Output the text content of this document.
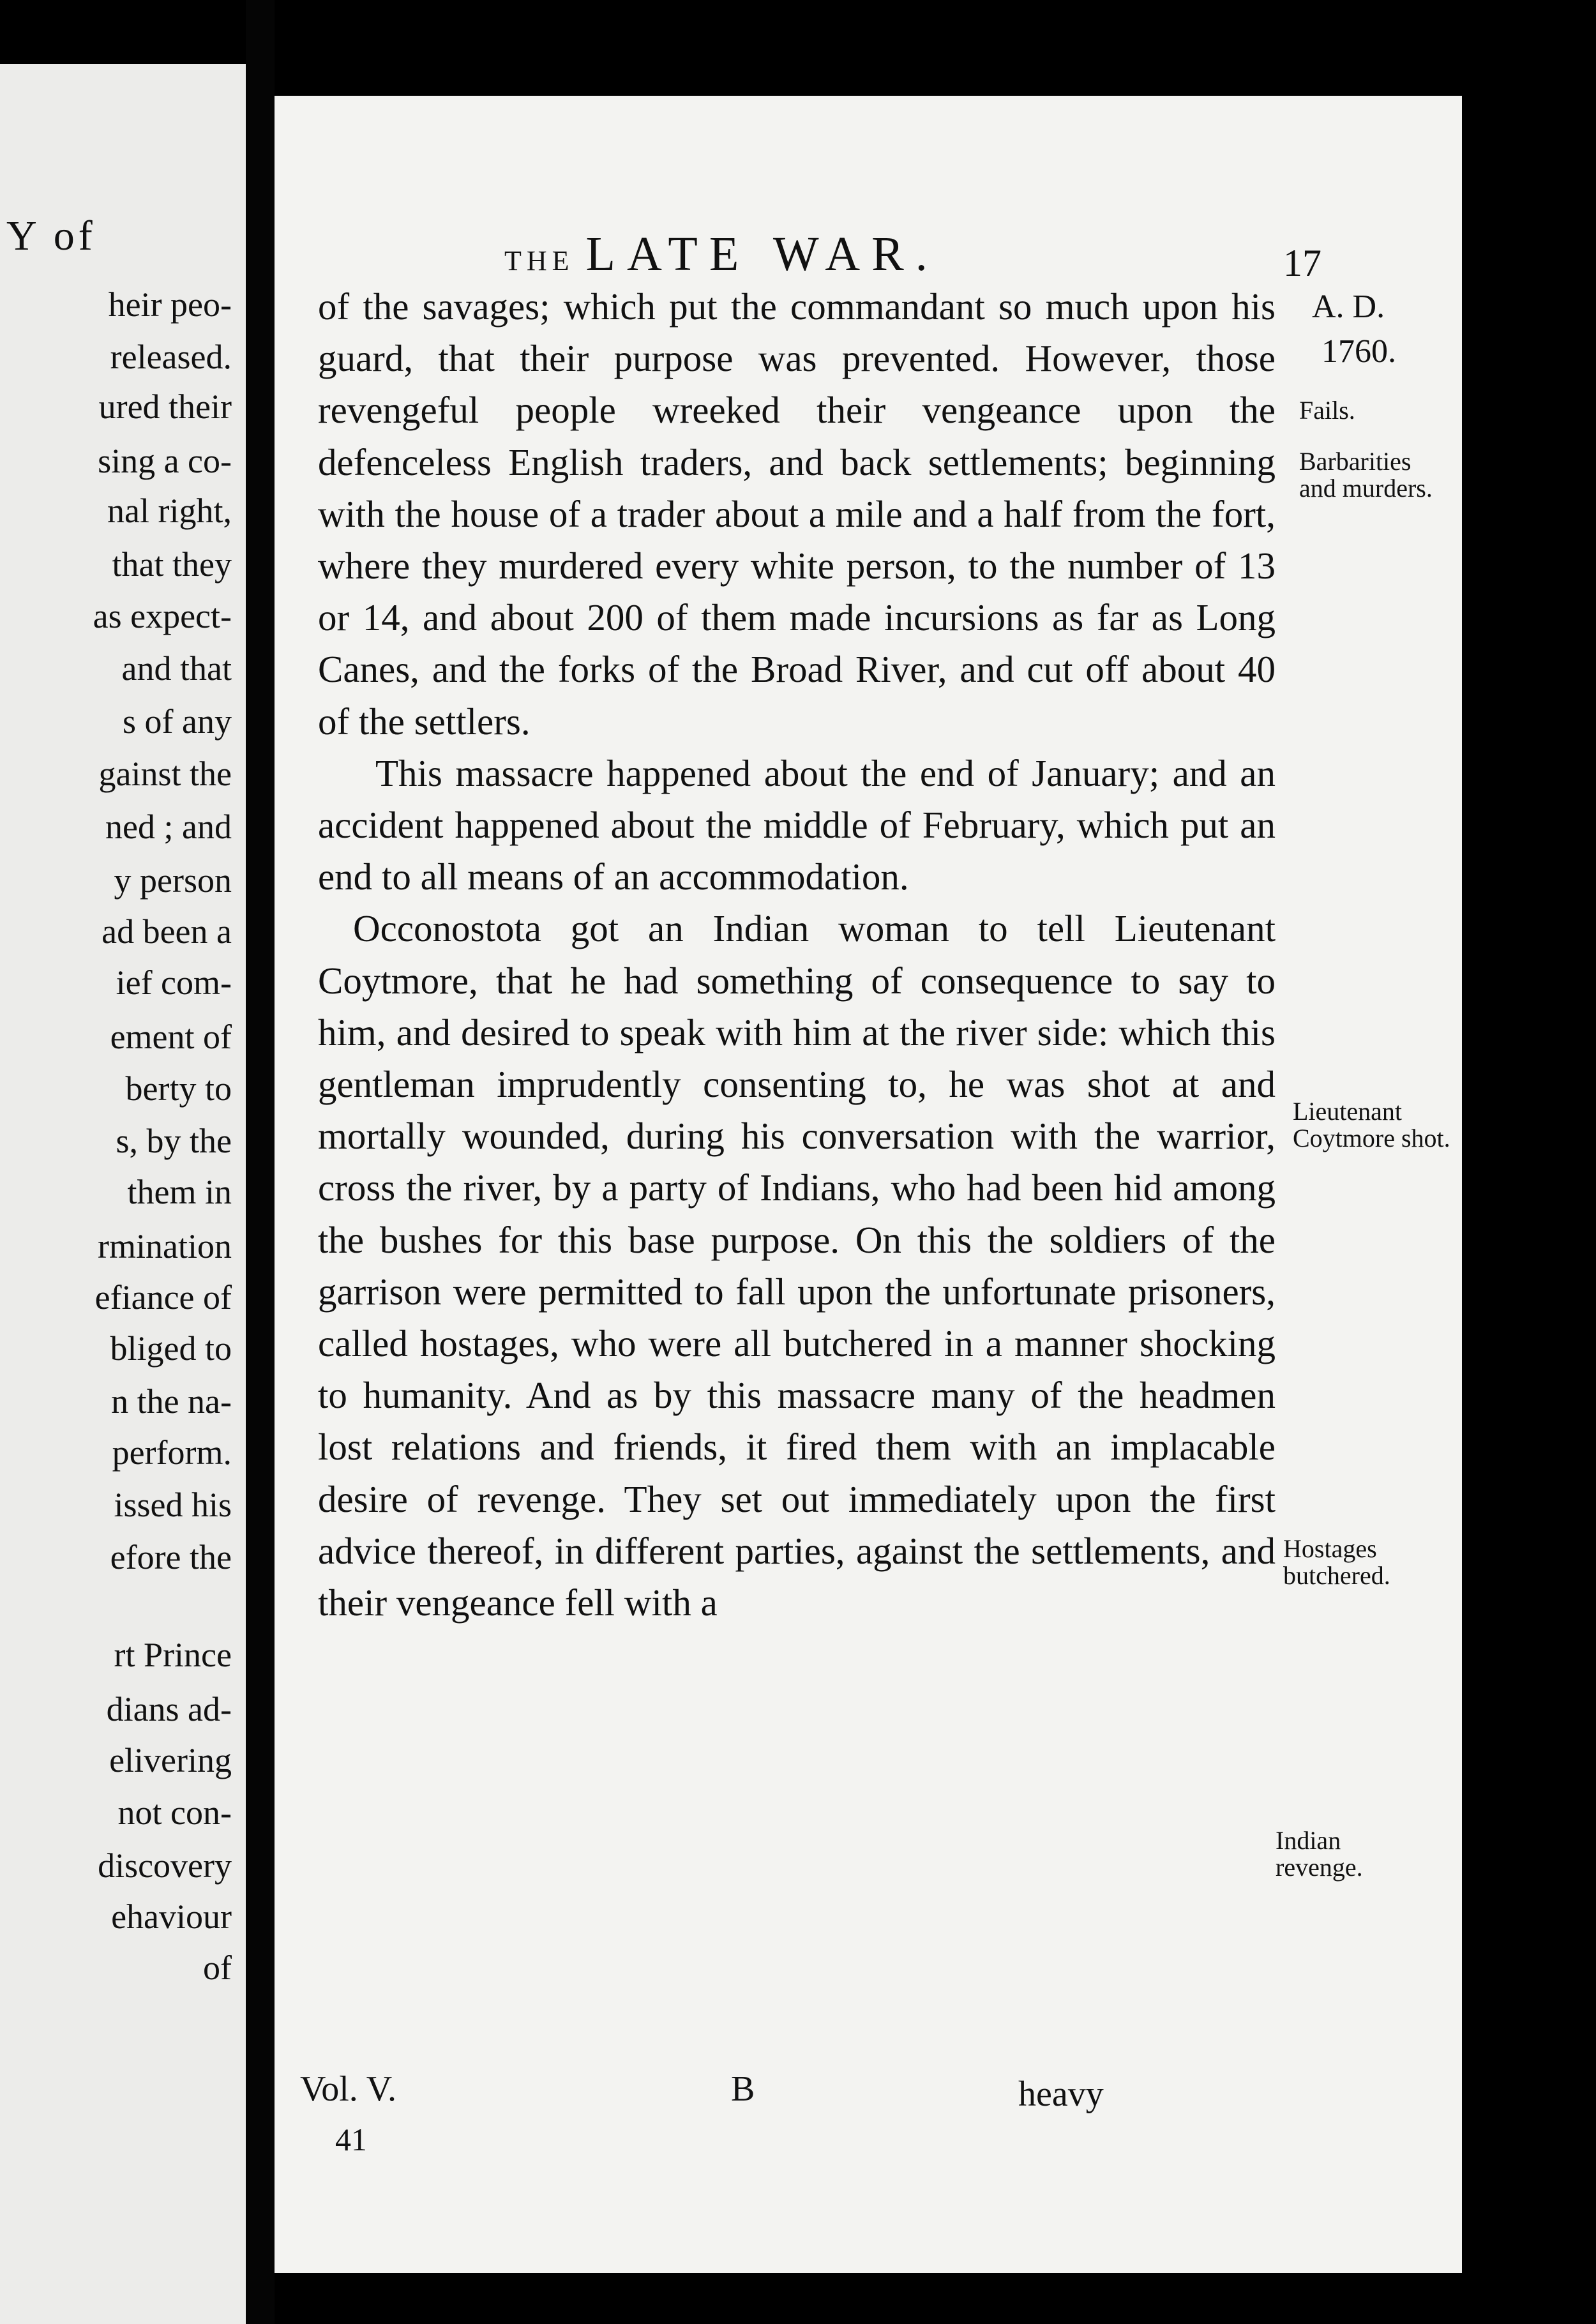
Y of
heir peo-
released.
ured their
sing a co-
nal right,
that they
as expect-
and that
s of any
gainst the
ned ; and
y person
ad been a
ief com-
ement of
berty to
s, by the
them in
rmination
efiance of
bliged to
n the na-
perform.
issed his
efore the
rt Prince
dians ad-
elivering
not con-
discovery
ehaviour
of
THE LATE WAR.	17

of the savages; which put the commandant so much upon his guard, that their purpose was prevented. However, those revengeful people wreeked their vengeance upon the defenceless English traders, and back settlements; beginning with the house of a trader about a mile and a half from the fort, where they murdered every white person, to the number of 13 or 14, and about 200 of them made incursions as far as Long Canes, and the forks of the Broad River, and cut off about 40 of the settlers.

This massacre happened about the end of January; and an accident happened about the middle of February, which put an end to all means of an accommodation.

Occonostota got an Indian woman to tell Lieutenant Coytmore, that he had something of consequence to say to him, and desired to speak with him at the river side: which this gentleman imprudently consenting to, he was shot at and mortally wounded, during his conversation with the warrior, cross the river, by a party of Indians, who had been hid among the bushes for this base purpose. On this the soldiers of the garrison were permitted to fall upon the unfortunate prisoners, called hostages, who were all butchered in a manner shocking to humanity. And as by this massacre many of the headmen lost relations and friends, it fired them with an implacable desire of revenge. They set out immediately upon the first advice thereof, in different parties, against the settlements, and their vengeance fell with a

A. D.
1760.
Fails.
Barbarities and murders.
Lieutenant Coytmore shot.
Hostages butchered.
Indian revenge.
Vol. V.	B	heavy
41
